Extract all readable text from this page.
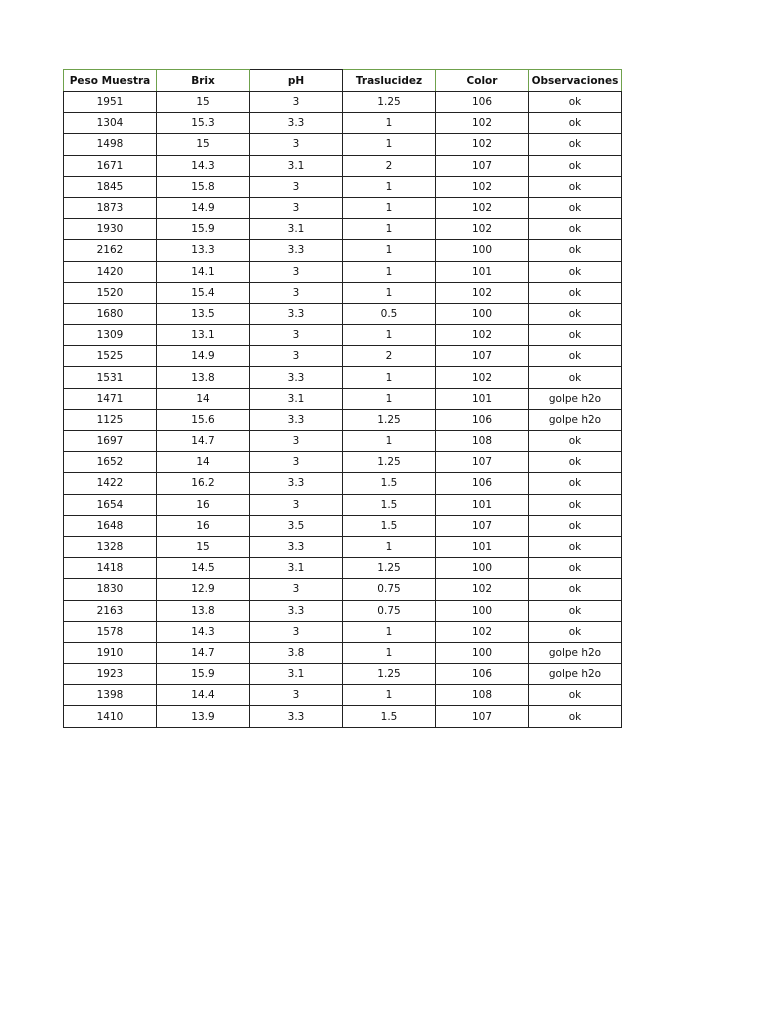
Peso Muestra	Brix	pH	Traslucidez	Color	Observaciones
1951	15	3	1.25	106	ok
1304	15.3	3.3	1	102	ok
1498	15	3	1	102	ok
1671	14.3	3.1	2	107	ok
1845	15.8	3	1	102	ok
1873	14.9	3	1	102	ok
1930	15.9	3.1	1	102	ok
2162	13.3	3.3	1	100	ok
1420	14.1	3	1	101	ok
1520	15.4	3	1	102	ok
1680	13.5	3.3	0.5	100	ok
1309	13.1	3	1	102	ok
1525	14.9	3	2	107	ok
1531	13.8	3.3	1	102	ok
1471	14	3.1	1	101	golpe h2o
1125	15.6	3.3	1.25	106	golpe h2o
1697	14.7	3	1	108	ok
1652	14	3	1.25	107	ok
1422	16.2	3.3	1.5	106	ok
1654	16	3	1.5	101	ok
1648	16	3.5	1.5	107	ok
1328	15	3.3	1	101	ok
1418	14.5	3.1	1.25	100	ok
1830	12.9	3	0.75	102	ok
2163	13.8	3.3	0.75	100	ok
1578	14.3	3	1	102	ok
1910	14.7	3.8	1	100	golpe h2o
1923	15.9	3.1	1.25	106	golpe h2o
1398	14.4	3	1	108	ok
1410	13.9	3.3	1.5	107	ok
